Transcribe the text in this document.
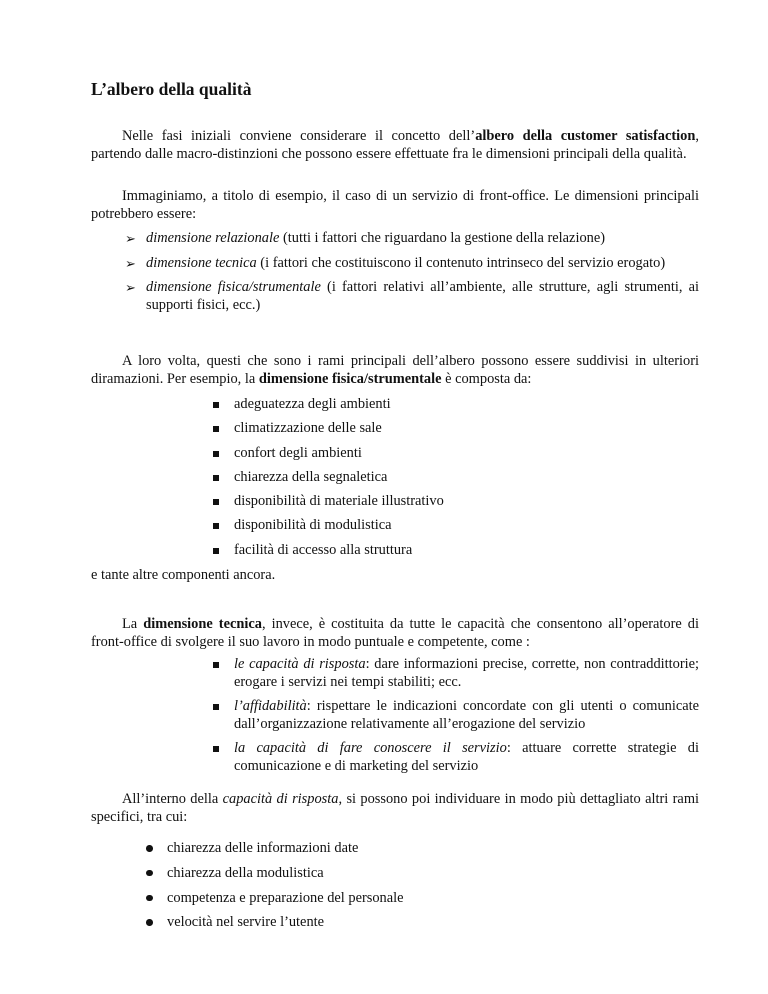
L’albero della qualità

Nelle fasi iniziali conviene considerare il concetto dell’albero della customer satisfaction, partendo dalle macro-distinzioni che possono essere effettuate fra le dimensioni principali della qualità.

Immaginiamo, a titolo di esempio, il caso di un servizio di front-office. Le dimensioni principali potrebbero essere:

➢ dimensione relazionale (tutti i fattori che riguardano la gestione della relazione)
➢ dimensione tecnica (i fattori che costituiscono il contenuto intrinseco del servizio erogato)
➢ dimensione fisica/strumentale (i fattori relativi all’ambiente, alle strutture, agli strumenti, ai supporti fisici, ecc.)

A loro volta, questi che sono i rami principali dell’albero possono essere suddivisi in ulteriori diramazioni. Per esempio, la dimensione fisica/strumentale è composta da:

adeguatezza degli ambienti
climatizzazione delle sale
confort degli ambienti
chiarezza della segnaletica
disponibilità di materiale illustrativo
disponibilità di modulistica
facilità di accesso alla struttura

e tante altre componenti ancora.

La dimensione tecnica, invece, è costituita da tutte le capacità che consentono all’operatore di front-office di svolgere il suo lavoro in modo puntuale e competente, come :

le capacità di risposta: dare informazioni precise, corrette, non contraddittorie; erogare i servizi nei tempi stabiliti; ecc.
l’affidabilità: rispettare le indicazioni concordate con gli utenti o comunicate dall’organizzazione relativamente all’erogazione del servizio
la capacità di fare conoscere il servizio: attuare corrette strategie di comunicazione e di marketing del servizio

All’interno della capacità di risposta, si possono poi individuare in modo più dettagliato altri rami specifici, tra cui:

chiarezza delle informazioni date
chiarezza della modulistica
competenza e preparazione del personale
velocità nel servire l’utente
